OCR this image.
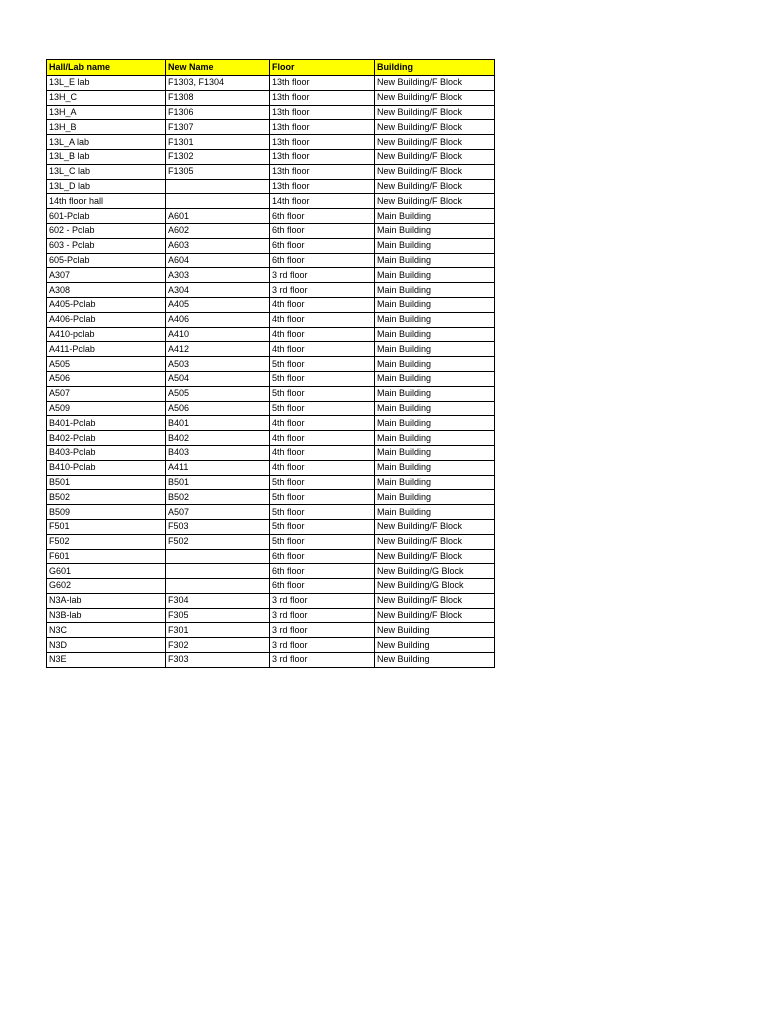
Hall/Lab name	New Name	Floor	Building
13L_E lab	F1303, F1304	13th floor	New Building/F Block
13H_C	F1308	13th floor	New Building/F Block
13H_A	F1306	13th floor	New Building/F Block
13H_B	F1307	13th floor	New Building/F Block
13L_A lab	F1301	13th floor	New Building/F Block
13L_B lab	F1302	13th floor	New Building/F Block
13L_C lab	F1305	13th floor	New Building/F Block
13L_D lab		13th floor	New Building/F Block
14th floor hall		14th floor	New Building/F Block
601-Pclab	A601	6th floor	Main Building
602 - Pclab	A602	6th floor	Main Building
603 - Pclab	A603	6th floor	Main Building
605-Pclab	A604	6th floor	Main Building
A307	A303	3 rd floor	Main Building
A308	A304	3 rd floor	Main Building
A405-Pclab	A405	4th floor	Main Building
A406-Pclab	A406	4th floor	Main Building
A410-pclab	A410	4th floor	Main Building
A411-Pclab	A412	4th floor	Main Building
A505	A503	5th floor	Main Building
A506	A504	5th floor	Main Building
A507	A505	5th floor	Main Building
A509	A506	5th floor	Main Building
B401-Pclab	B401	4th floor	Main Building
B402-Pclab	B402	4th floor	Main Building
B403-Pclab	B403	4th floor	Main Building
B410-Pclab	A411	4th floor	Main Building
B501	B501	5th floor	Main Building
B502	B502	5th floor	Main Building
B509	A507	5th floor	Main Building
F501	F503	5th floor	New Building/F Block
F502	F502	5th floor	New Building/F Block
F601		6th floor	New Building/F Block
G601		6th floor	New Building/G Block
G602		6th floor	New Building/G Block
N3A-lab	F304	3 rd floor	New Building/F Block
N3B-lab	F305	3 rd floor	New Building/F Block
N3C	F301	3 rd floor	New Building
N3D	F302	3 rd floor	New Building
N3E	F303	3 rd floor	New Building
